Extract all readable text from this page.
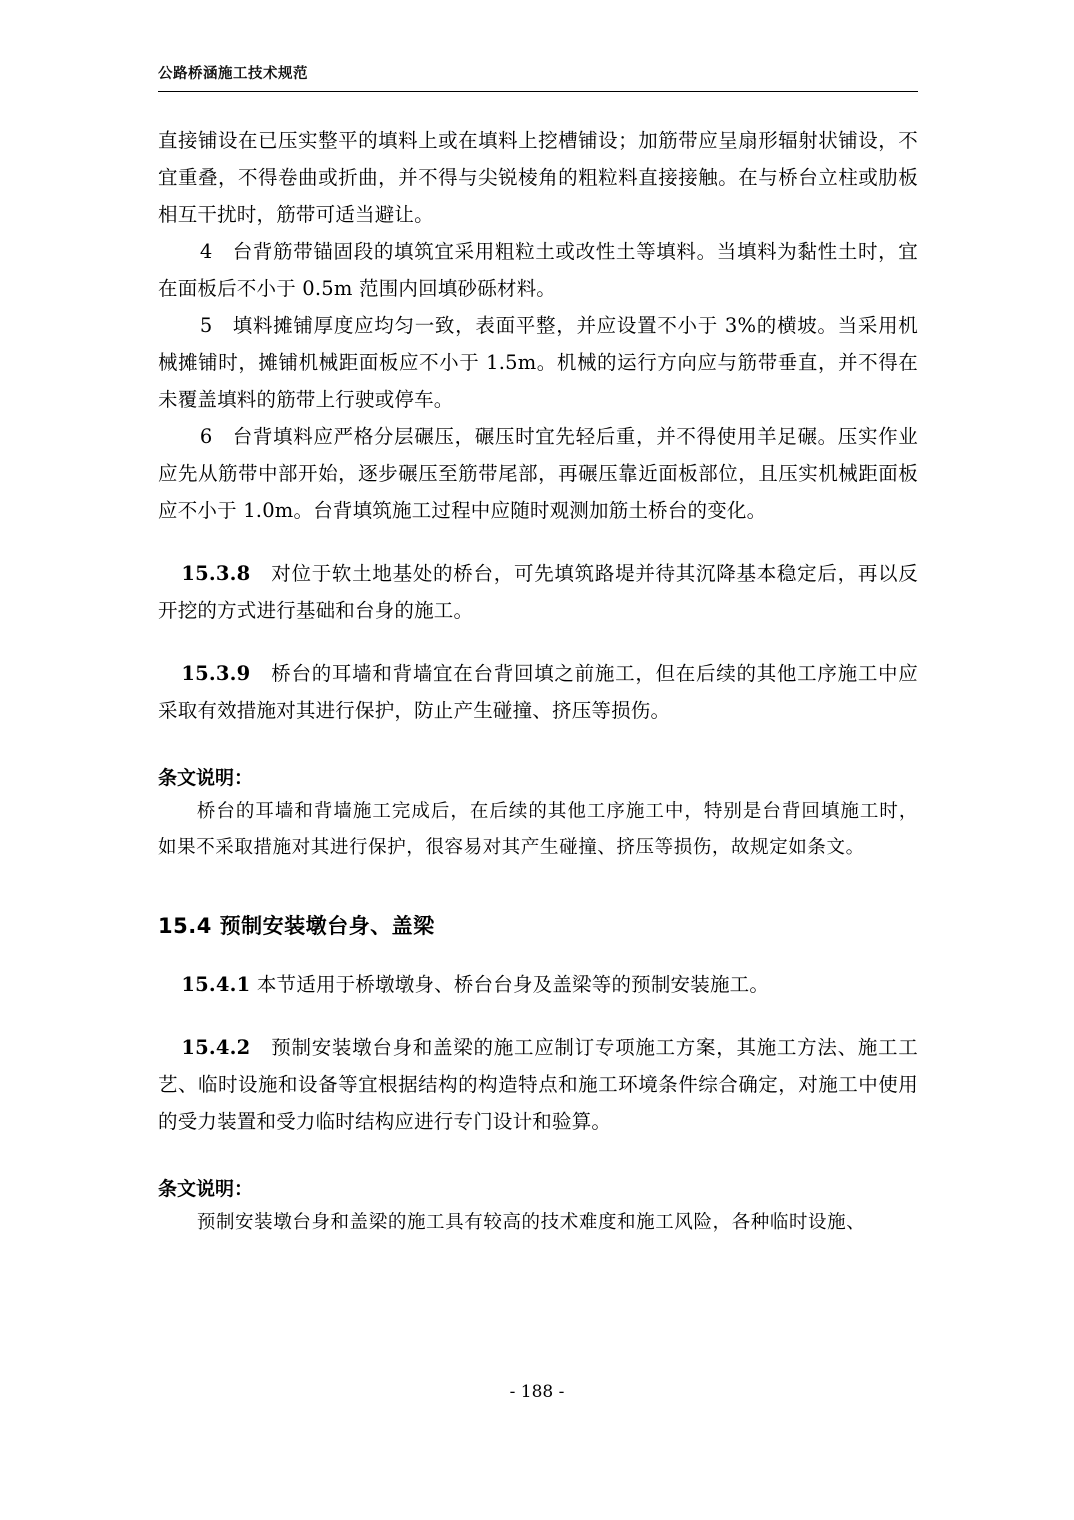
公路桥涵施工技术规范

直接铺设在已压实整平的填料上或在填料上挖槽铺设；加筋带应呈扇形辐射状铺设，不宜重叠，不得卷曲或折曲，并不得与尖锐棱角的粗粒料直接接触。在与桥台立柱或肋板相互干扰时，筋带可适当避让。

4 台背筋带锚固段的填筑宜采用粗粒土或改性土等填料。当填料为黏性土时，宜在面板后不小于 0.5m 范围内回填砂砾材料。

5 填料摊铺厚度应均匀一致，表面平整，并应设置不小于 3%的横坡。当采用机械摊铺时，摊铺机械距面板应不小于 1.5m。机械的运行方向应与筋带垂直，并不得在未覆盖填料的筋带上行驶或停车。

6 台背填料应严格分层碾压，碾压时宜先轻后重，并不得使用羊足碾。压实作业应先从筋带中部开始，逐步碾压至筋带尾部，再碾压靠近面板部位，且压实机械距面板应不小于 1.0m。台背填筑施工过程中应随时观测加筋土桥台的变化。

15.3.8 对位于软土地基处的桥台，可先填筑路堤并待其沉降基本稳定后，再以反开挖的方式进行基础和台身的施工。

15.3.9 桥台的耳墙和背墙宜在台背回填之前施工，但在后续的其他工序施工中应采取有效措施对其进行保护，防止产生碰撞、挤压等损伤。

条文说明：

桥台的耳墙和背墙施工完成后，在后续的其他工序施工中，特别是台背回填施工时，如果不采取措施对其进行保护，很容易对其产生碰撞、挤压等损伤，故规定如条文。

15.4 预制安装墩台身、盖梁

15.4.1 本节适用于桥墩墩身、桥台台身及盖梁等的预制安装施工。

15.4.2 预制安装墩台身和盖梁的施工应制订专项施工方案，其施工方法、施工工艺、临时设施和设备等宜根据结构的构造特点和施工环境条件综合确定，对施工中使用的受力装置和受力临时结构应进行专门设计和验算。

条文说明：

预制安装墩台身和盖梁的施工具有较高的技术难度和施工风险，各种临时设施、

- 188 -
